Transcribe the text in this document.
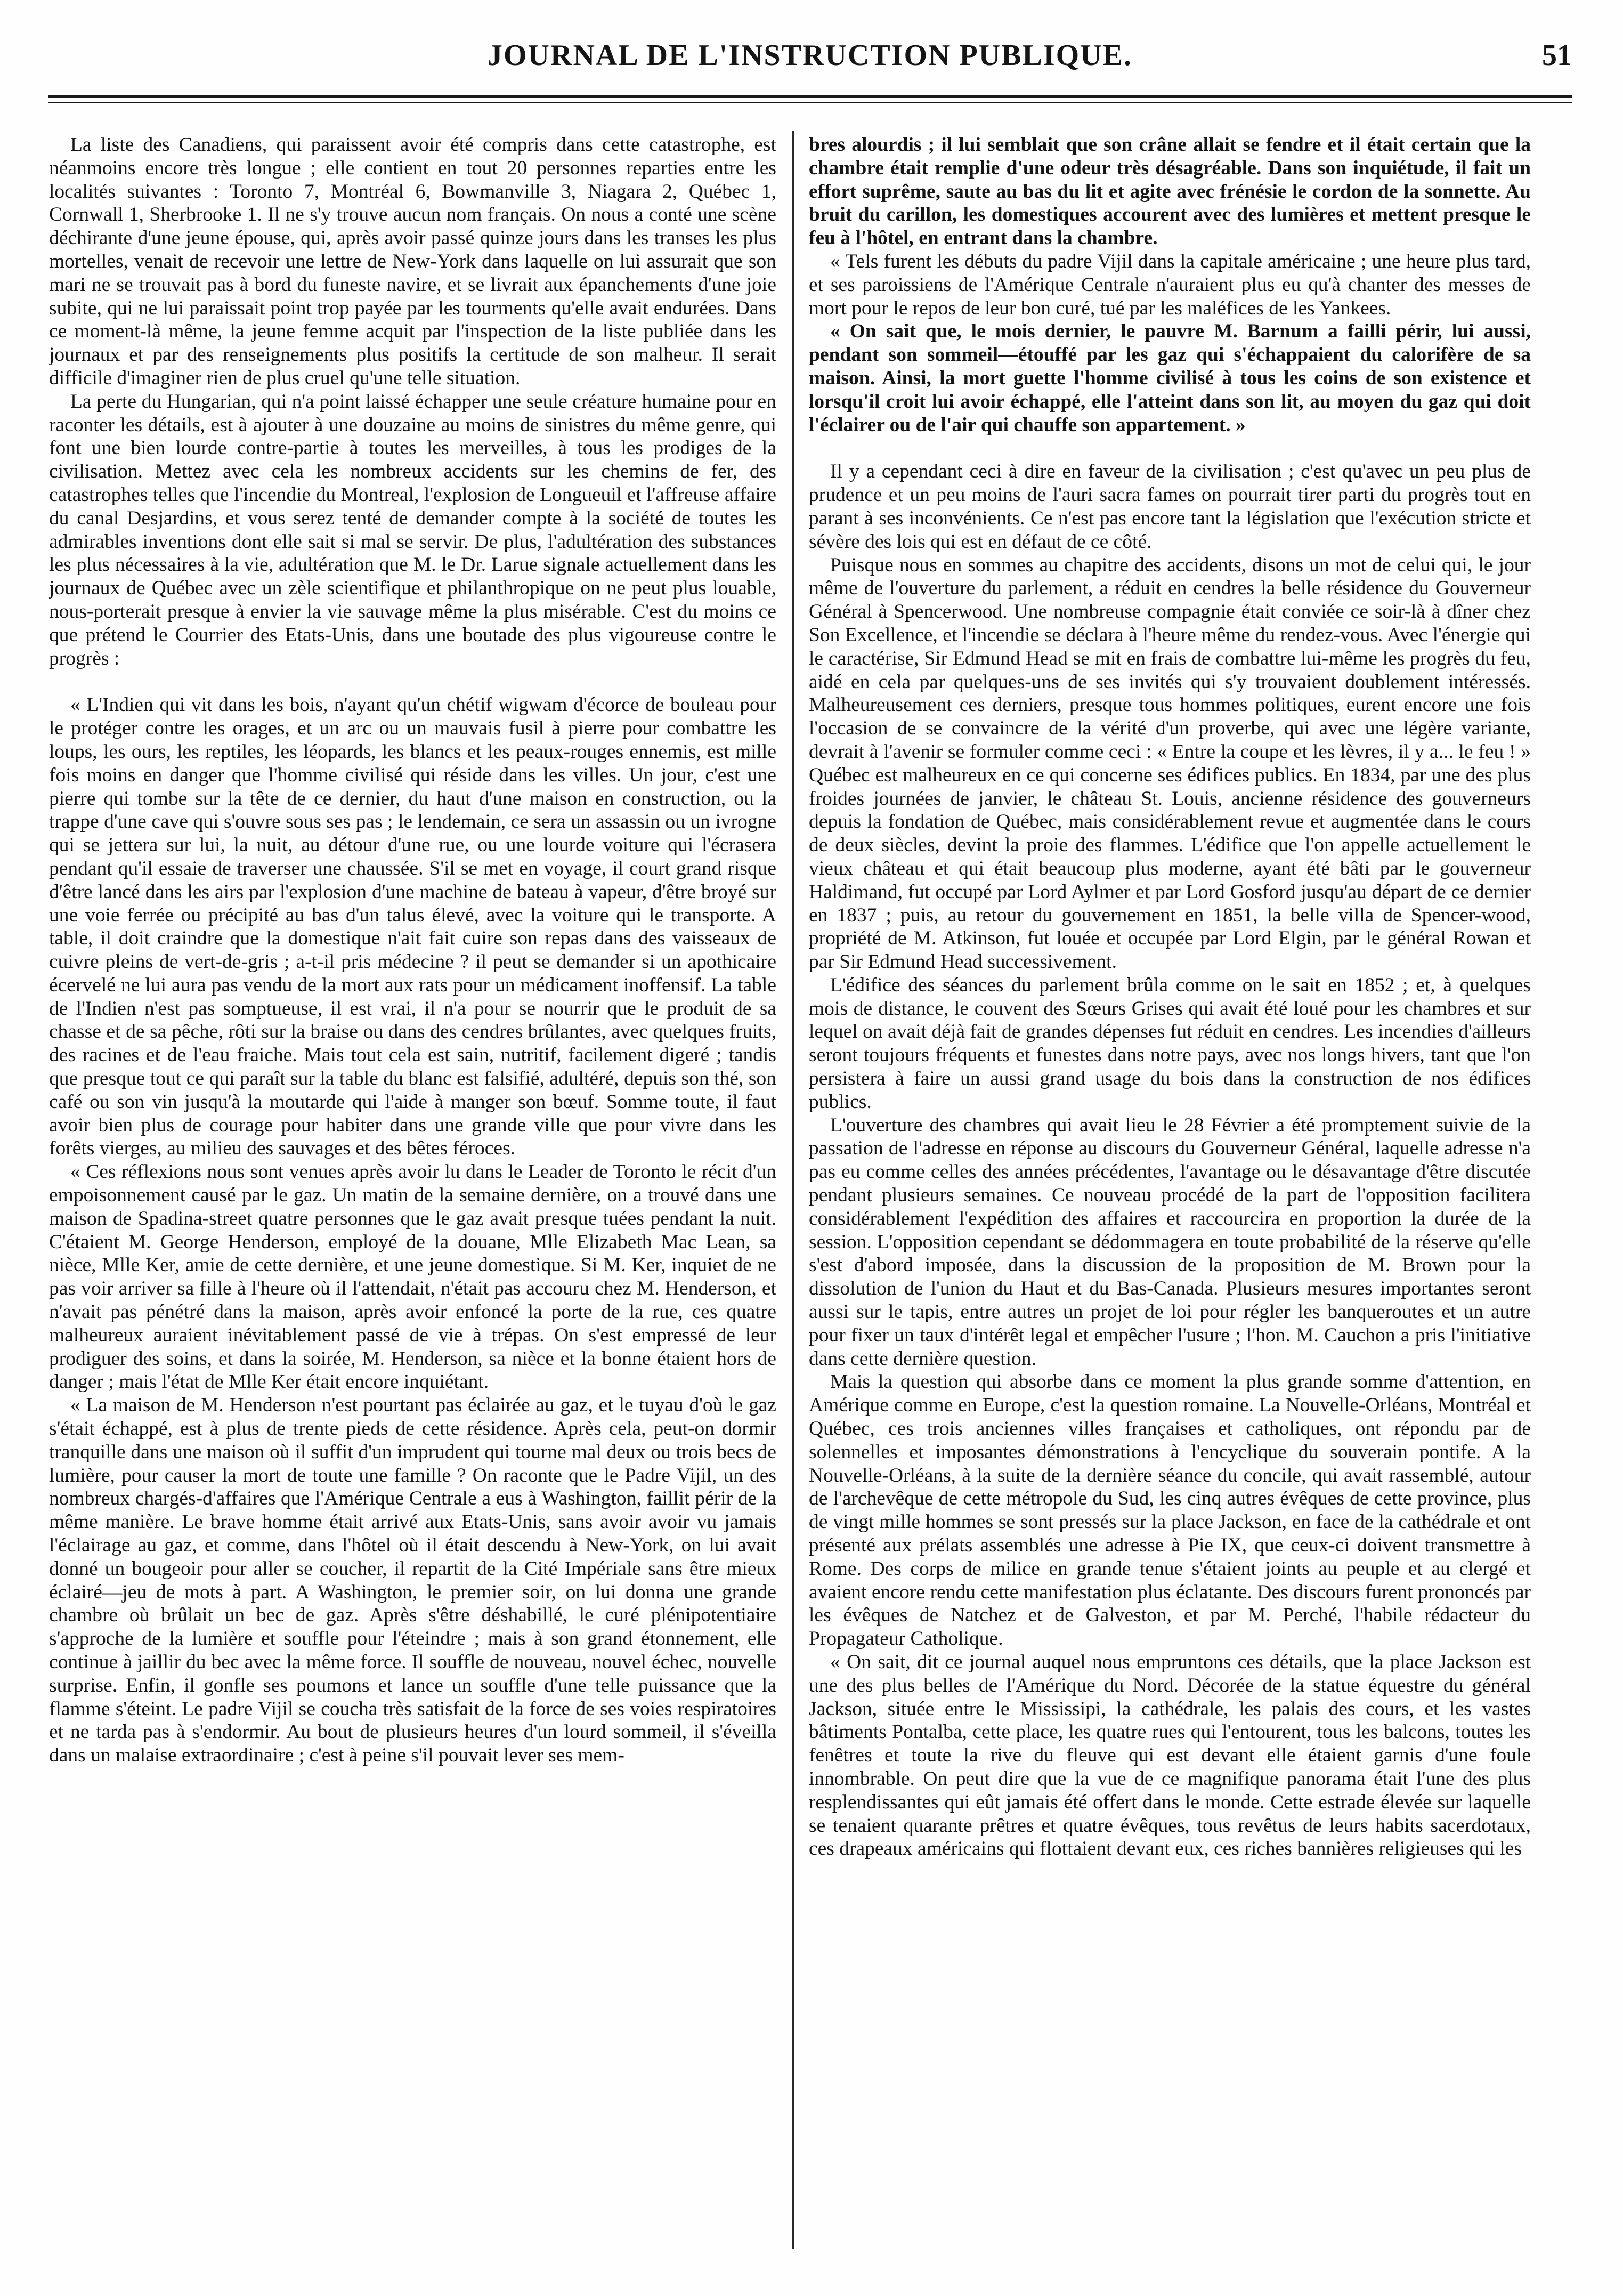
JOURNAL DE L'INSTRUCTION PUBLIQUE.	51

La liste des Canadiens, qui paraissent avoir été compris dans cette catastrophe, est néanmoins encore très longue ; elle contient en tout 20 personnes reparties entre les localités suivantes : Toronto 7, Montréal 6, Bowmanville 3, Niagara 2, Québec 1, Cornwall 1, Sherbrooke 1. Il ne s'y trouve aucun nom français. On nous a conté une scène déchirante d'une jeune épouse, qui, après avoir passé quinze jours dans les transes les plus mortelles, venait de recevoir une lettre de New-York dans laquelle on lui assurait que son mari ne se trouvait pas à bord du funeste navire, et se livrait aux épanchements d'une joie subite, qui ne lui paraissait point trop payée par les tourments qu'elle avait endurées. Dans ce moment-là même, la jeune femme acquit par l'inspection de la liste publiée dans les journaux et par des renseignements plus positifs la certitude de son malheur. Il serait difficile d'imaginer rien de plus cruel qu'une telle situation.

La perte du Hungarian, qui n'a point laissé échapper une seule créature humaine pour en raconter les détails, est à ajouter à une douzaine au moins de sinistres du même genre, qui font une bien lourde contre-partie à toutes les merveilles, à tous les prodiges de la civilisation. Mettez avec cela les nombreux accidents sur les chemins de fer, des catastrophes telles que l'incendie du Montreal, l'explosion de Longueuil et l'affreuse affaire du canal Desjardins, et vous serez tenté de demander compte à la société de toutes les admirables inventions dont elle sait si mal se servir. De plus, l'adultération des substances les plus nécessaires à la vie, adultération que M. le Dr. Larue signale actuellement dans les journaux de Québec avec un zèle scientifique et philanthropique on ne peut plus louable, nous-porterait presque à envier la vie sauvage même la plus misérable. C'est du moins ce que prétend le Courrier des Etats-Unis, dans une boutade des plus vigoureuse contre le progrès :

« L'Indien qui vit dans les bois, n'ayant qu'un chétif wigwam d'écorce de bouleau pour le protéger contre les orages, et un arc ou un mauvais fusil à pierre pour combattre les loups, les ours, les reptiles, les léopards, les blancs et les peaux-rouges ennemis, est mille fois moins en danger que l'homme civilisé qui réside dans les villes. Un jour, c'est une pierre qui tombe sur la tête de ce dernier, du haut d'une maison en construction, ou la trappe d'une cave qui s'ouvre sous ses pas ; le lendemain, ce sera un assassin ou un ivrogne qui se jettera sur lui, la nuit, au détour d'une rue, ou une lourde voiture qui l'écrasera pendant qu'il essaie de traverser une chaussée. S'il se met en voyage, il court grand risque d'être lancé dans les airs par l'explosion d'une machine de bateau à vapeur, d'être broyé sur une voie ferrée ou précipité au bas d'un talus élevé, avec la voiture qui le transporte. A table, il doit craindre que la domestique n'ait fait cuire son repas dans des vaisseaux de cuivre pleins de vert-de-gris ; a-t-il pris médecine ? il peut se demander si un apothicaire écervelé ne lui aura pas vendu de la mort aux rats pour un médicament inoffensif. La table de l'Indien n'est pas somptueuse, il est vrai, il n'a pour se nourrir que le produit de sa chasse et de sa pêche, rôti sur la braise ou dans des cendres brûlantes, avec quelques fruits, des racines et de l'eau fraiche. Mais tout cela est sain, nutritif, facilement digeré ; tandis que presque tout ce qui paraît sur la table du blanc est falsifié, adultéré, depuis son thé, son café ou son vin jusqu'à la moutarde qui l'aide à manger son bœuf. Somme toute, il faut avoir bien plus de courage pour habiter dans une grande ville que pour vivre dans les forêts vierges, au milieu des sauvages et des bêtes féroces.

« Ces réflexions nous sont venues après avoir lu dans le Leader de Toronto le récit d'un empoisonnement causé par le gaz. Un matin de la semaine dernière, on a trouvé dans une maison de Spadina-street quatre personnes que le gaz avait presque tuées pendant la nuit. C'étaient M. George Henderson, employé de la douane, Mlle Elizabeth Mac Lean, sa nièce, Mlle Ker, amie de cette dernière, et une jeune domestique. Si M. Ker, inquiet de ne pas voir arriver sa fille à l'heure où il l'attendait, n'était pas accouru chez M. Henderson, et n'avait pas pénétré dans la maison, après avoir enfoncé la porte de la rue, ces quatre malheureux auraient inévitablement passé de vie à trépas. On s'est empressé de leur prodiguer des soins, et dans la soirée, M. Henderson, sa nièce et la bonne étaient hors de danger ; mais l'état de Mlle Ker était encore inquiétant.

« La maison de M. Henderson n'est pourtant pas éclairée au gaz, et le tuyau d'où le gaz s'était échappé, est à plus de trente pieds de cette résidence. Après cela, peut-on dormir tranquille dans une maison où il suffit d'un imprudent qui tourne mal deux ou trois becs de lumière, pour causer la mort de toute une famille ? On raconte que le Padre Vijil, un des nombreux chargés-d'affaires que l'Amérique Centrale a eus à Washington, faillit périr de la même manière. Le brave homme était arrivé aux Etats-Unis, sans avoir avoir vu jamais l'éclairage au gaz, et comme, dans l'hôtel où il était descendu à New-York, on lui avait donné un bougeoir pour aller se coucher, il repartit de la Cité Impériale sans être mieux éclairé—jeu de mots à part. A Washington, le premier soir, on lui donna une grande chambre où brûlait un bec de gaz. Après s'être déshabillé, le curé plénipotentiaire s'approche de la lumière et souffle pour l'éteindre ; mais à son grand étonnement, elle continue à jaillir du bec avec la même force. Il souffle de nouveau, nouvel échec, nouvelle surprise. Enfin, il gonfle ses poumons et lance un souffle d'une telle puissance que la flamme s'éteint. Le padre Vijil se coucha très satisfait de la force de ses voies respiratoires et ne tarda pas à s'endormir. Au bout de plusieurs heures d'un lourd sommeil, il s'éveilla dans un malaise extraordinaire ; c'est à peine s'il pouvait lever ses mem-

bres alourdis ; il lui semblait que son crâne allait se fendre et il était certain que la chambre était remplie d'une odeur très désagréable. Dans son inquiétude, il fait un effort suprême, saute au bas du lit et agite avec frénésie le cordon de la sonnette. Au bruit du carillon, les domestiques accourent avec des lumières et mettent presque le feu à l'hôtel, en entrant dans la chambre.

« Tels furent les débuts du padre Vijil dans la capitale américaine ; une heure plus tard, et ses paroissiens de l'Amérique Centrale n'auraient plus eu qu'à chanter des messes de mort pour le repos de leur bon curé, tué par les maléfices de les Yankees.

« On sait que, le mois dernier, le pauvre M. Barnum a failli périr, lui aussi, pendant son sommeil—étouffé par les gaz qui s'échappaient du calorifère de sa maison. Ainsi, la mort guette l'homme civilisé à tous les coins de son existence et lorsqu'il croit lui avoir échappé, elle l'atteint dans son lit, au moyen du gaz qui doit l'éclairer ou de l'air qui chauffe son appartement. »

Il y a cependant ceci à dire en faveur de la civilisation ; c'est qu'avec un peu plus de prudence et un peu moins de l'auri sacra fames on pourrait tirer parti du progrès tout en parant à ses inconvénients. Ce n'est pas encore tant la législation que l'exécution stricte et sévère des lois qui est en défaut de ce côté.

Puisque nous en sommes au chapitre des accidents, disons un mot de celui qui, le jour même de l'ouverture du parlement, a réduit en cendres la belle résidence du Gouverneur Général à Spencerwood. Une nombreuse compagnie était conviée ce soir-là à dîner chez Son Excellence, et l'incendie se déclara à l'heure même du rendez-vous. Avec l'énergie qui le caractérise, Sir Edmund Head se mit en frais de combattre lui-même les progrès du feu, aidé en cela par quelques-uns de ses invités qui s'y trouvaient doublement intéressés. Malheureusement ces derniers, presque tous hommes politiques, eurent encore une fois l'occasion de se convaincre de la vérité d'un proverbe, qui avec une légère variante, devrait à l'avenir se formuler comme ceci : « Entre la coupe et les lèvres, il y a... le feu ! » Québec est malheureux en ce qui concerne ses édifices publics. En 1834, par une des plus froides journées de janvier, le château St. Louis, ancienne résidence des gouverneurs depuis la fondation de Québec, mais considérablement revue et augmentée dans le cours de deux siècles, devint la proie des flammes. L'édifice que l'on appelle actuellement le vieux château et qui était beaucoup plus moderne, ayant été bâti par le gouverneur Haldimand, fut occupé par Lord Aylmer et par Lord Gosford jusqu'au départ de ce dernier en 1837 ; puis, au retour du gouvernement en 1851, la belle villa de Spencer-wood, propriété de M. Atkinson, fut louée et occupée par Lord Elgin, par le général Rowan et par Sir Edmund Head successivement.

L'édifice des séances du parlement brûla comme on le sait en 1852 ; et, à quelques mois de distance, le couvent des Sœurs Grises qui avait été loué pour les chambres et sur lequel on avait déjà fait de grandes dépenses fut réduit en cendres. Les incendies d'ailleurs seront toujours fréquents et funestes dans notre pays, avec nos longs hivers, tant que l'on persistera à faire un aussi grand usage du bois dans la construction de nos édifices publics.

L'ouverture des chambres qui avait lieu le 28 Février a été promptement suivie de la passation de l'adresse en réponse au discours du Gouverneur Général, laquelle adresse n'a pas eu comme celles des années précédentes, l'avantage ou le désavantage d'être discutée pendant plusieurs semaines. Ce nouveau procédé de la part de l'opposition facilitera considérablement l'expédition des affaires et raccourcira en proportion la durée de la session. L'opposition cependant se dédommagera en toute probabilité de la réserve qu'elle s'est d'abord imposée, dans la discussion de la proposition de M. Brown pour la dissolution de l'union du Haut et du Bas-Canada. Plusieurs mesures importantes seront aussi sur le tapis, entre autres un projet de loi pour régler les banqueroutes et un autre pour fixer un taux d'intérêt legal et empêcher l'usure ; l'hon. M. Cauchon a pris l'initiative dans cette dernière question.

Mais la question qui absorbe dans ce moment la plus grande somme d'attention, en Amérique comme en Europe, c'est la question romaine. La Nouvelle-Orléans, Montréal et Québec, ces trois anciennes villes françaises et catholiques, ont répondu par de solennelles et imposantes démonstrations à l'encyclique du souverain pontife. A la Nouvelle-Orléans, à la suite de la dernière séance du concile, qui avait rassemblé, autour de l'archevêque de cette métropole du Sud, les cinq autres évêques de cette province, plus de vingt mille hommes se sont pressés sur la place Jackson, en face de la cathédrale et ont présenté aux prélats assemblés une adresse à Pie IX, que ceux-ci doivent transmettre à Rome. Des corps de milice en grande tenue s'étaient joints au peuple et au clergé et avaient encore rendu cette manifestation plus éclatante. Des discours furent prononcés par les évêques de Natchez et de Galveston, et par M. Perché, l'habile rédacteur du Propagateur Catholique.

« On sait, dit ce journal auquel nous empruntons ces détails, que la place Jackson est une des plus belles de l'Amérique du Nord. Décorée de la statue équestre du général Jackson, située entre le Mississipi, la cathédrale, les palais des cours, et les vastes bâtiments Pontalba, cette place, les quatre rues qui l'entourent, tous les balcons, toutes les fenêtres et toute la rive du fleuve qui est devant elle étaient garnis d'une foule innombrable. On peut dire que la vue de ce magnifique panorama était l'une des plus resplendissantes qui eût jamais été offert dans le monde. Cette estrade élevée sur laquelle se tenaient quarante prêtres et quatre évêques, tous revêtus de leurs habits sacerdotaux, ces drapeaux américains qui flottaient devant eux, ces riches bannières religieuses qui les
